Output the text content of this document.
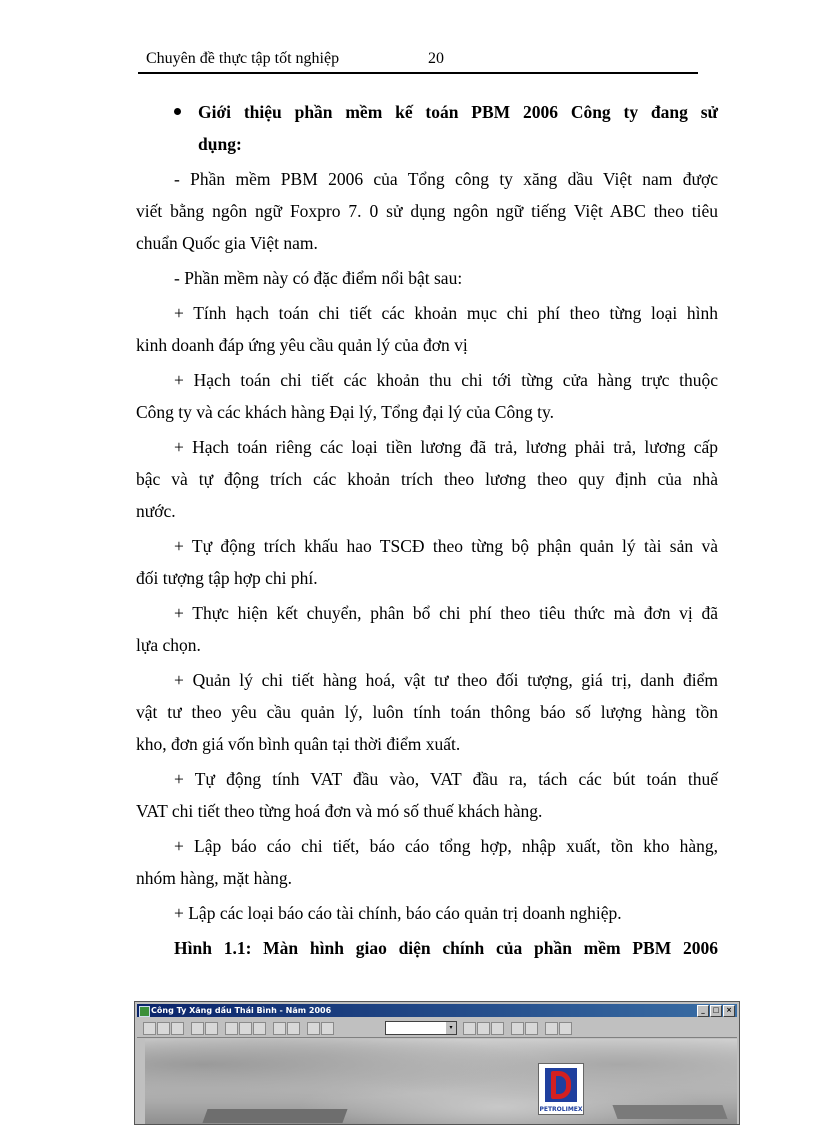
Chuyên đề thực tập tốt nghiệp	20
Giới thiệu phần mềm kế toán PBM 2006 Công ty đang sử
dụng:
- Phần mềm PBM 2006 của Tổng công ty xăng dầu Việt nam được
viết bằng ngôn ngữ Foxpro 7. 0 sử dụng ngôn ngữ tiếng Việt ABC theo tiêu
chuẩn Quốc gia Việt nam.
- Phần mềm này có đặc điểm nổi bật sau:
+ Tính hạch toán chi tiết các khoản mục chi phí theo từng loại hình
kinh doanh đáp ứng yêu cầu quản lý của đơn vị
+ Hạch toán chi tiết các khoản thu chi tới từng cửa hàng trực thuộc
Công ty và các khách hàng Đại lý, Tổng đại lý của Công ty.
+ Hạch toán riêng các loại tiền lương đã trả, lương phải trả, lương cấp
bậc và tự động trích các khoản trích theo lương theo quy định của nhà
nước.
+ Tự động trích khấu hao TSCĐ theo từng bộ phận quản lý tài sản và
đối tượng tập hợp chi phí.
+ Thực hiện kết chuyển, phân bổ chi phí theo tiêu thức mà đơn vị đã
lựa chọn.
+ Quản lý chi tiết hàng hoá, vật tư theo đối tượng, giá trị, danh điểm
vật tư theo yêu cầu quản lý, luôn tính toán thông báo số lượng hàng tồn
kho, đơn giá vốn bình quân tại thời điểm xuất.
+ Tự động tính VAT đầu vào, VAT đầu ra, tách các bút toán thuế
VAT chi tiết theo từng hoá đơn và mó số thuế khách hàng.
+ Lập báo cáo chi tiết, báo cáo tổng hợp, nhập xuất, tồn kho hàng,
nhóm hàng, mặt hàng.
+ Lập các loại báo cáo tài chính, báo cáo quản trị doanh nghiệp.
Hình 1.1: Màn hình giao diện chính của phần mềm PBM 2006
Công Ty Xăng dầu Thái Bình - Năm 2006	_	□ ×
▾
PETROLIMEX
